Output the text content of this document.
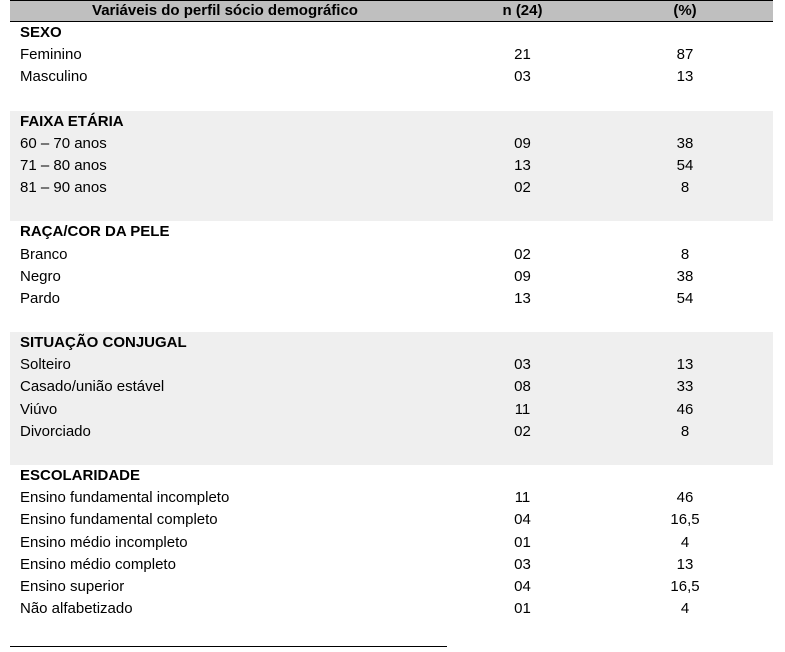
Variáveis do perfil sócio demográfico	n (24)	(%)
SEXO
Feminino	21	87
Masculino	03	13
FAIXA ETÁRIA
60 – 70 anos	09	38
71 – 80 anos	13	54
81 – 90 anos	02	8
RAÇA/COR DA PELE
Branco	02	8
Negro	09	38
Pardo	13	54
SITUAÇÃO CONJUGAL
Solteiro	03	13
Casado/união estável	08	33
Viúvo	11	46
Divorciado	02	8
ESCOLARIDADE
Ensino fundamental incompleto	11	46
Ensino fundamental completo	04	16,5
Ensino médio incompleto	01	4
Ensino médio completo	03	13
Ensino superior	04	16,5
Não alfabetizado	01	4
